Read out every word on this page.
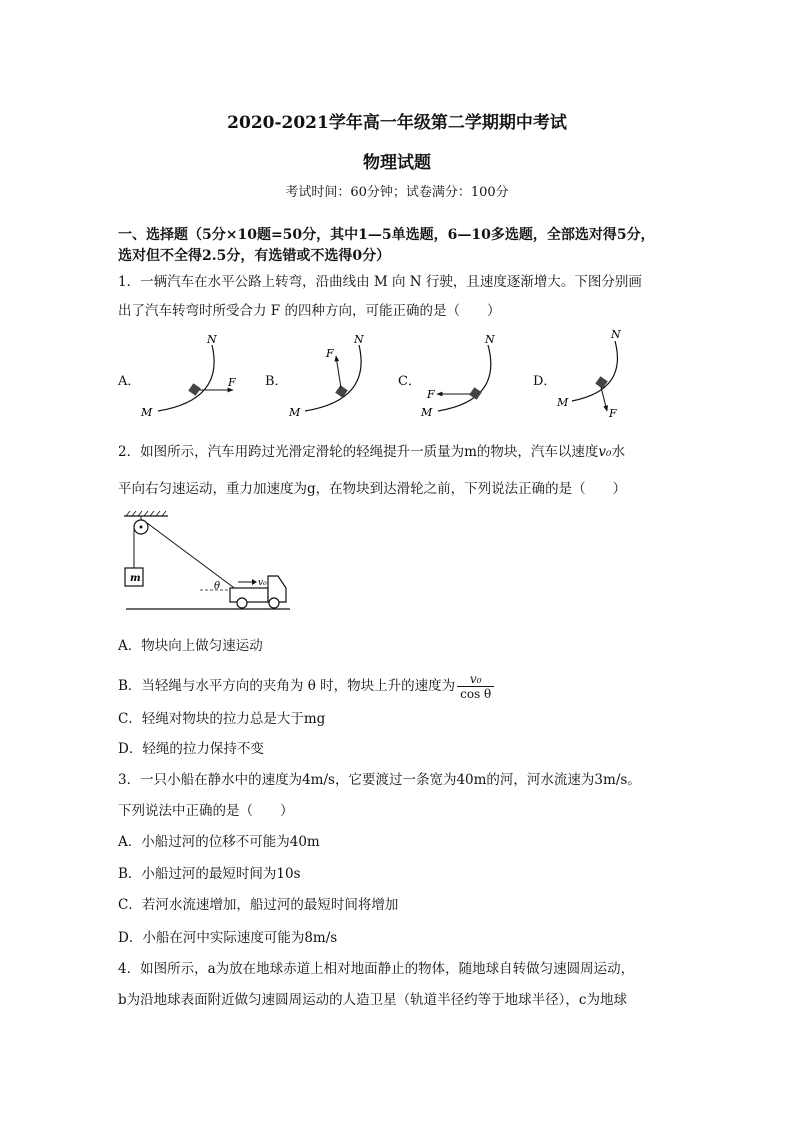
2020-2021学年高一年级第二学期期中考试
物理试题
考试时间：60分钟；试卷满分：100分
一、选择题（5分×10题=50分，其中1—5单选题，6—10多选题，全部选对得5分，
选对但不全得2.5分，有选错或不选得0分）
1．一辆汽车在水平公路上转弯，沿曲线由 M 向 N 行驶，且速度逐渐增大。下图分别画
出了汽车转弯时所受合力 F 的四种方向，可能正确的是（　　）
A．	B．	C．	D．
M
N
F
M
N
F
M
N
F
M
N
F
2．如图所示，汽车用跨过光滑定滑轮的轻绳提升一质量为m的物块，汽车以速度v₀水
平向右匀速运动，重力加速度为g，在物块到达滑轮之前，下列说法正确的是（　　）
m
θ	v₀
A．物块向上做匀速运动
B．当轻绳与水平方向的夹角为 θ 时，物块上升的速度为 $\frac{\text{v₀}}{\text{cos θ}}$
C．轻绳对物块的拉力总是大于mg
D．轻绳的拉力保持不变
3．一只小船在静水中的速度为4m/s，它要渡过一条宽为40m的河，河水流速为3m/s。
下列说法中正确的是（　　）
A．小船过河的位移不可能为40m
B．小船过河的最短时间为10s
C．若河水流速增加，船过河的最短时间将增加
D．小船在河中实际速度可能为8m/s
4．如图所示，a为放在地球赤道上相对地面静止的物体，随地球自转做匀速圆周运动，
b为沿地球表面附近做匀速圆周运动的人造卫星（轨道半径约等于地球半径），c为地球
